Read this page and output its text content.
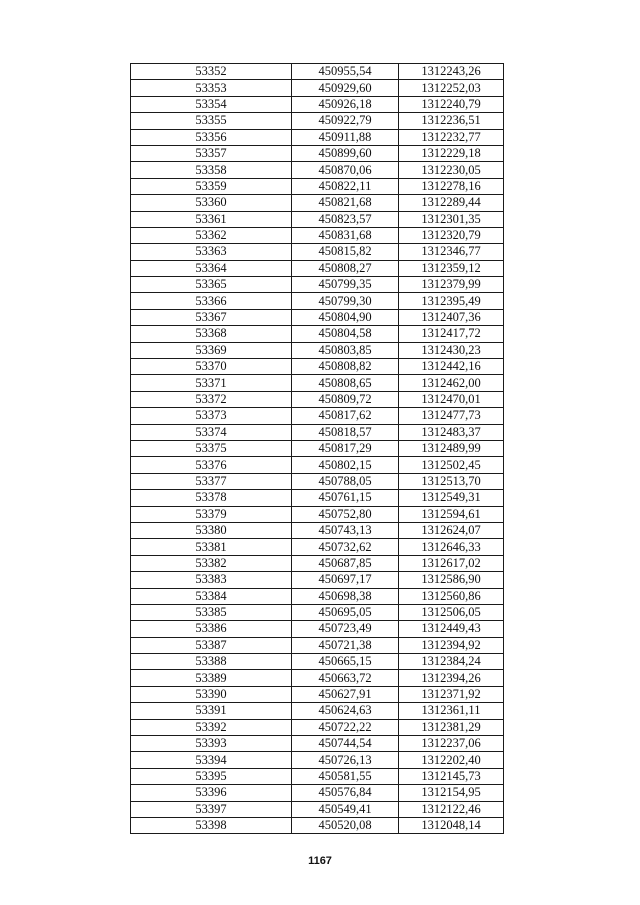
53352	450955,54	1312243,26
53353	450929,60	1312252,03
53354	450926,18	1312240,79
53355	450922,79	1312236,51
53356	450911,88	1312232,77
53357	450899,60	1312229,18
53358	450870,06	1312230,05
53359	450822,11	1312278,16
53360	450821,68	1312289,44
53361	450823,57	1312301,35
53362	450831,68	1312320,79
53363	450815,82	1312346,77
53364	450808,27	1312359,12
53365	450799,35	1312379,99
53366	450799,30	1312395,49
53367	450804,90	1312407,36
53368	450804,58	1312417,72
53369	450803,85	1312430,23
53370	450808,82	1312442,16
53371	450808,65	1312462,00
53372	450809,72	1312470,01
53373	450817,62	1312477,73
53374	450818,57	1312483,37
53375	450817,29	1312489,99
53376	450802,15	1312502,45
53377	450788,05	1312513,70
53378	450761,15	1312549,31
53379	450752,80	1312594,61
53380	450743,13	1312624,07
53381	450732,62	1312646,33
53382	450687,85	1312617,02
53383	450697,17	1312586,90
53384	450698,38	1312560,86
53385	450695,05	1312506,05
53386	450723,49	1312449,43
53387	450721,38	1312394,92
53388	450665,15	1312384,24
53389	450663,72	1312394,26
53390	450627,91	1312371,92
53391	450624,63	1312361,11
53392	450722,22	1312381,29
53393	450744,54	1312237,06
53394	450726,13	1312202,40
53395	450581,55	1312145,73
53396	450576,84	1312154,95
53397	450549,41	1312122,46
53398	450520,08	1312048,14
1167
